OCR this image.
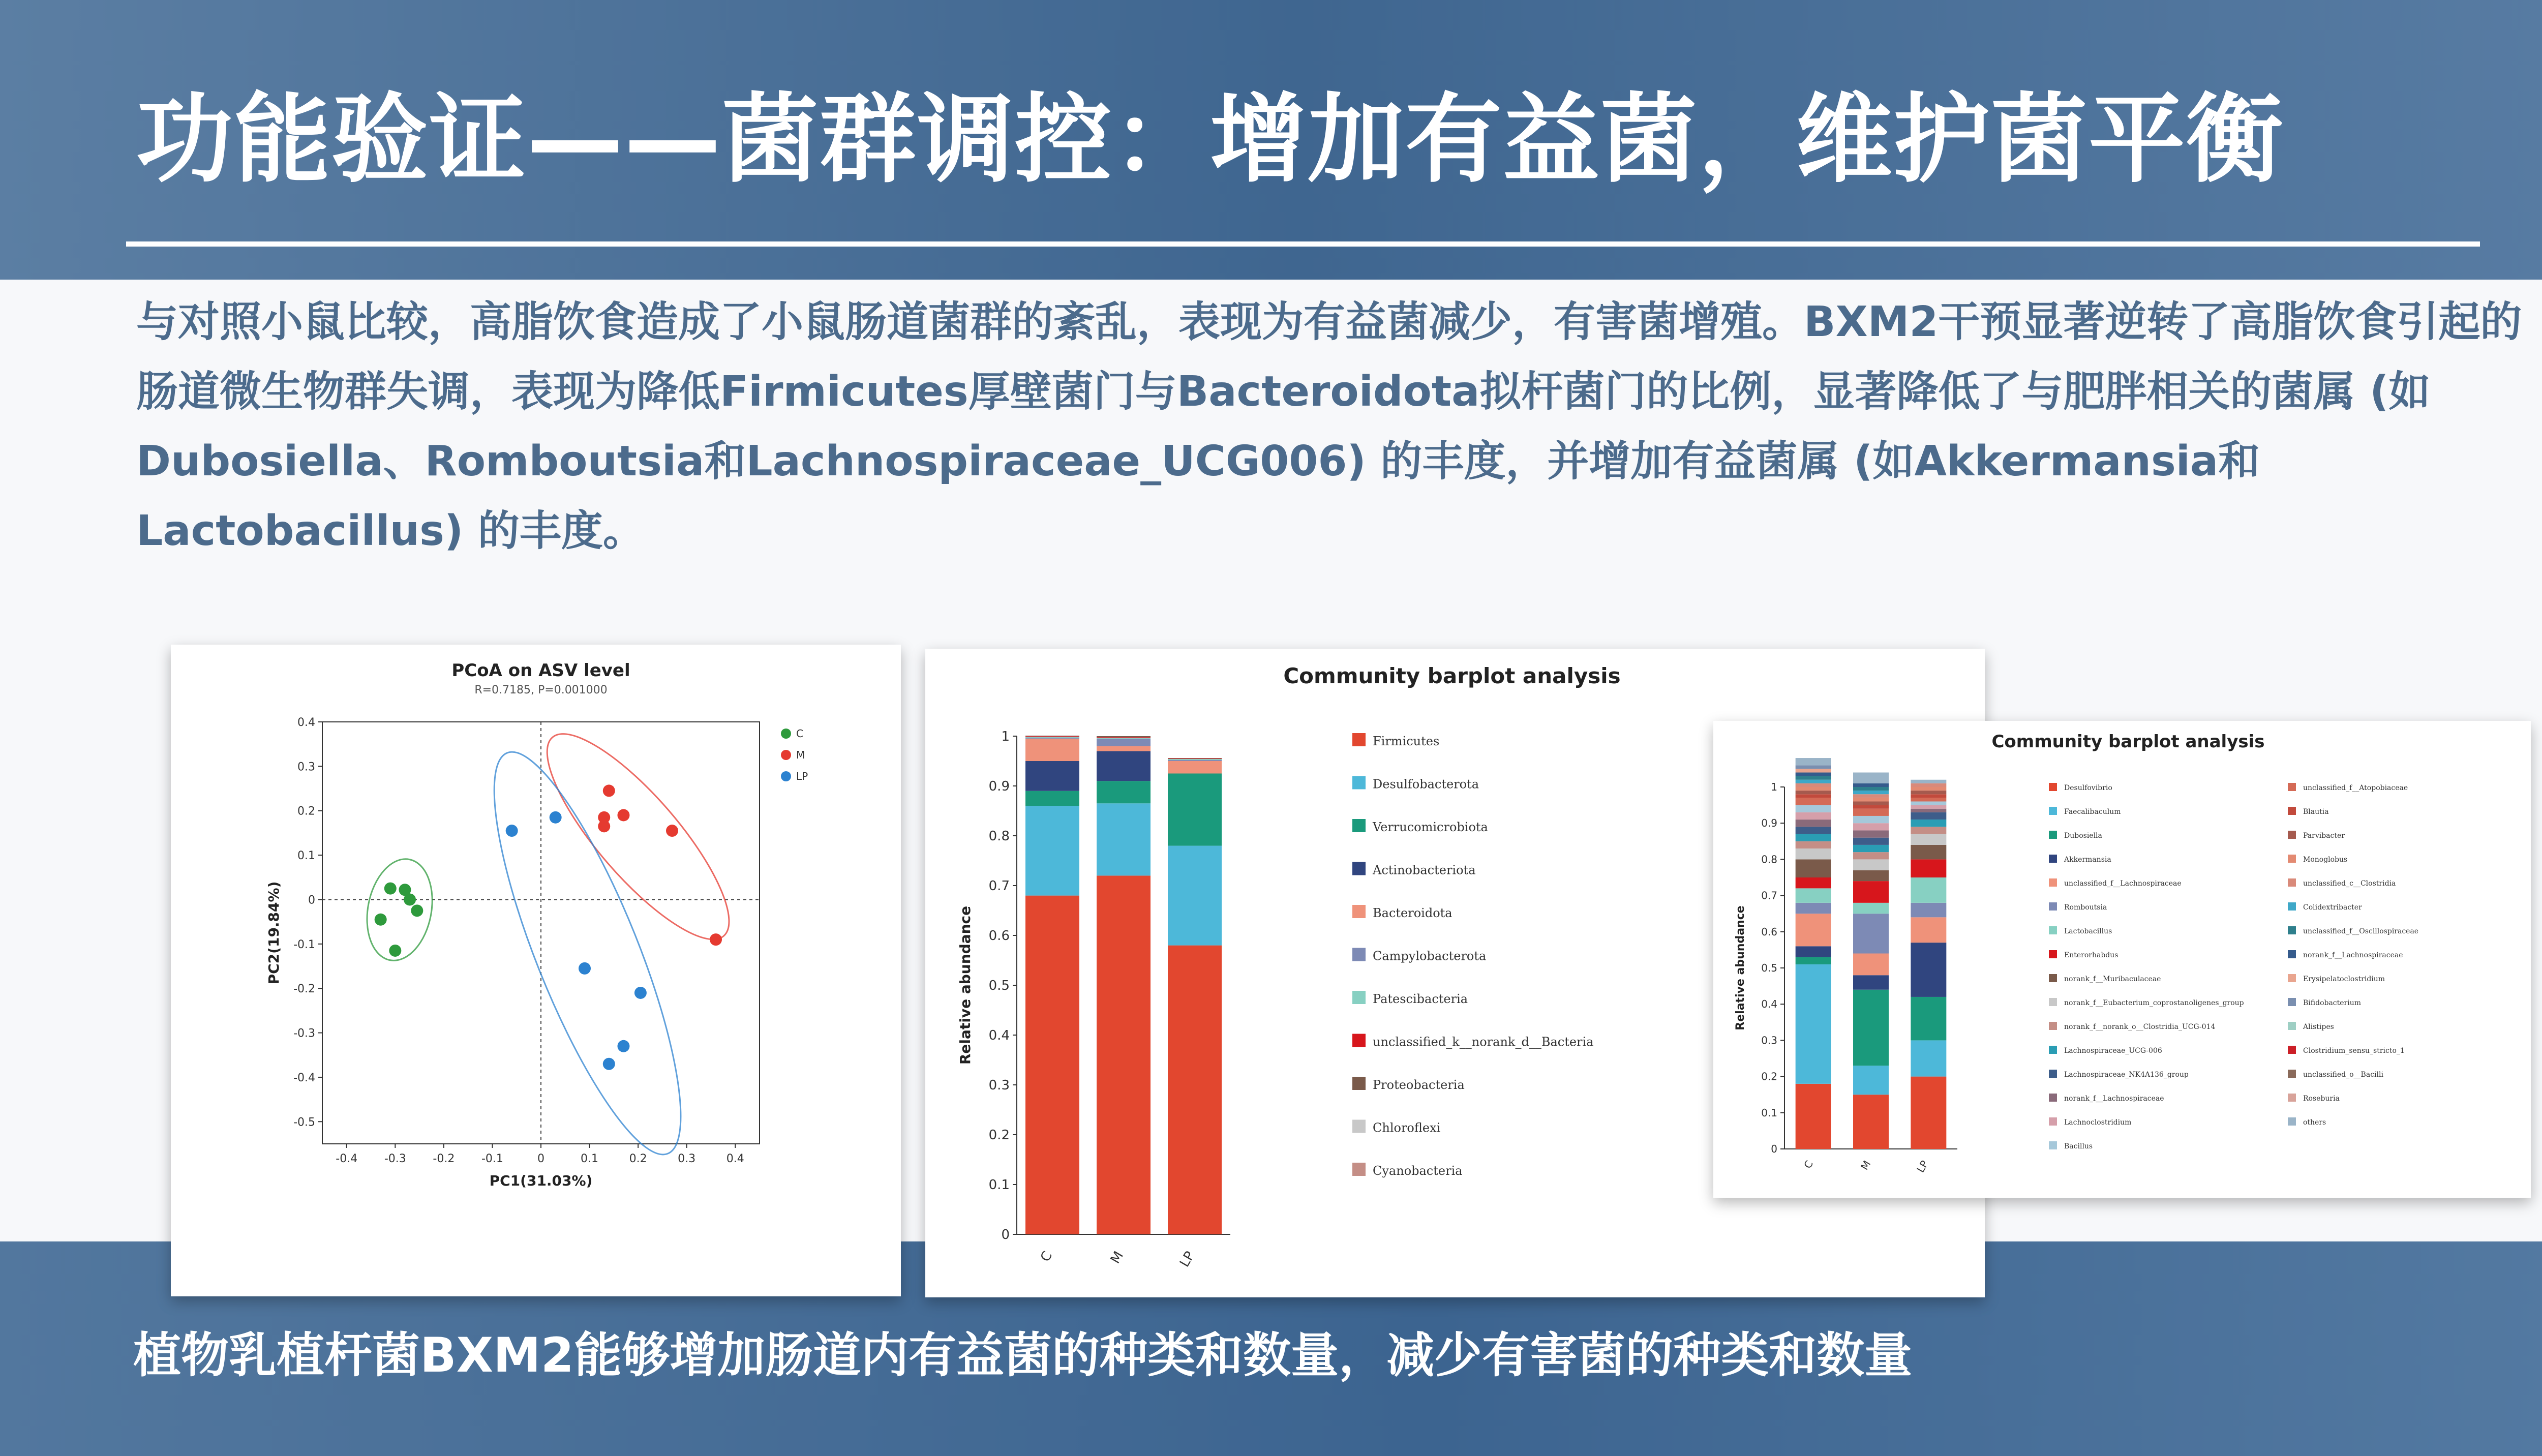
功能验证——菌群调控：增加有益菌，维护菌平衡

与对照小鼠比较，高脂饮食造成了小鼠肠道菌群的紊乱，表现为有益菌减少，有害菌增殖。BXM2干预显著逆转了高脂饮食引起的肠道微生物群失调，表现为降低Firmicutes厚壁菌门与Bacteroidota拟杆菌门的比例，显著降低了与肥胖相关的菌属 (如Dubosiella、Romboutsia和Lachnospiraceae_UCG006) 的丰度，并增加有益菌属 (如Akkermansia和Lactobacillus) 的丰度。

PCoA on ASV level
R=0.7185, P=0.001000
-0.4 -0.3 -0.2 -0.1	0	0.1	0.2	0.3	0.4
0.4
0.3
0.2
0.1
0
-0.1
-0.2
-0.3
-0.4
-0.5
PC1(31.03%)
PC2(19.84%)
C
M
LP
Community barplot analysis
0
0.1
0.2
0.3
0.4
0.5
0.6
0.7
0.8
0.9
1
Relative abundance
C	M	LP
Firmicutes
Desulfobacterota
Verrucomicrobiota
Actinobacteriota
Bacteroidota
Campylobacterota
Patescibacteria
unclassified_k__norank_d__Bacteria
Proteobacteria
Chloroflexi
Cyanobacteria
Community barplot analysis
0
0.1
0.2
0.3
0.4
0.5
0.6
0.7
0.8
0.9
1
Relative abundance
C	M	LP
Desulfovibrio
Faecalibaculum
Dubosiella
Akkermansia
unclassified_f__Lachnospiraceae
Romboutsia
Lactobacillus
Enterorhabdus
norank_f__Muribaculaceae
norank_f__Eubacterium_coprostanoligenes_group
norank_f__norank_o__Clostridia_UCG-014
Lachnospiraceae_UCG-006
Lachnospiraceae_NK4A136_group
norank_f__Lachnospiraceae
Lachnoclostridium
Bacillus
unclassified_f__Atopobiaceae
Blautia
Parvibacter
Monoglobus
unclassified_c__Clostridia
Colidextribacter
unclassified_f__Oscillospiraceae
norank_f__Lachnospiraceae
Erysipelatoclostridium
Bifidobacterium
Alistipes
Clostridium_sensu_stricto_1
unclassified_o__Bacilli
Roseburia
others

植物乳植杆菌BXM2能够增加肠道内有益菌的种类和数量，减少有害菌的种类和数量
